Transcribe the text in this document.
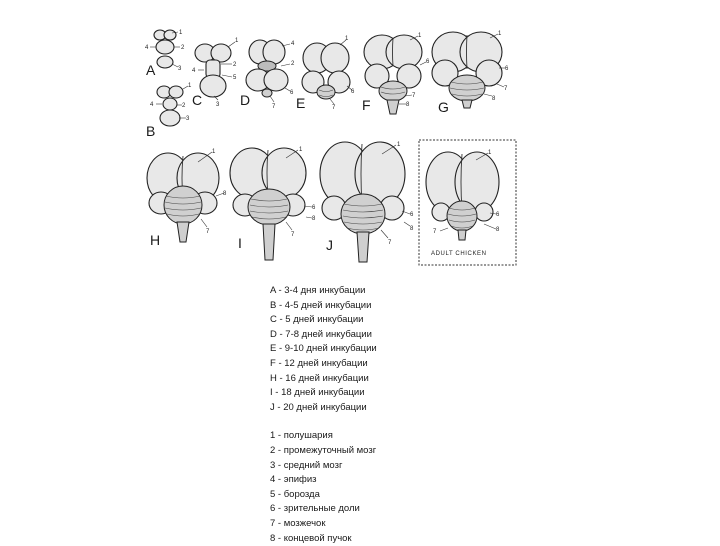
1
2
4
3
A
1
2
4
3
B
1
2
4
5
3
C
4
2
6
7
D
1
6
7
E
1
6
7
8
F
1
6
7
8
G
1
8
7
H
1
6
8
7
I
1
6
8
7
J
1
6
8
7
ADULT CHICKEN
A - 3-4 дня инкубации
B - 4-5 дней инкубации
C - 5 дней инкубации
D - 7-8 дней инкубации
E - 9-10 дней инкубации
F - 12 дней инкубации
H - 16 дней инкубации
I - 18 дней инкубации
J - 20 дней инкубации
1 - полушария
2 - промежуточный мозг
3 - средний мозг
4 - эпифиз
5 - борозда
6 - зрительные доли
7 - мозжечок
8 - концевой пучок
